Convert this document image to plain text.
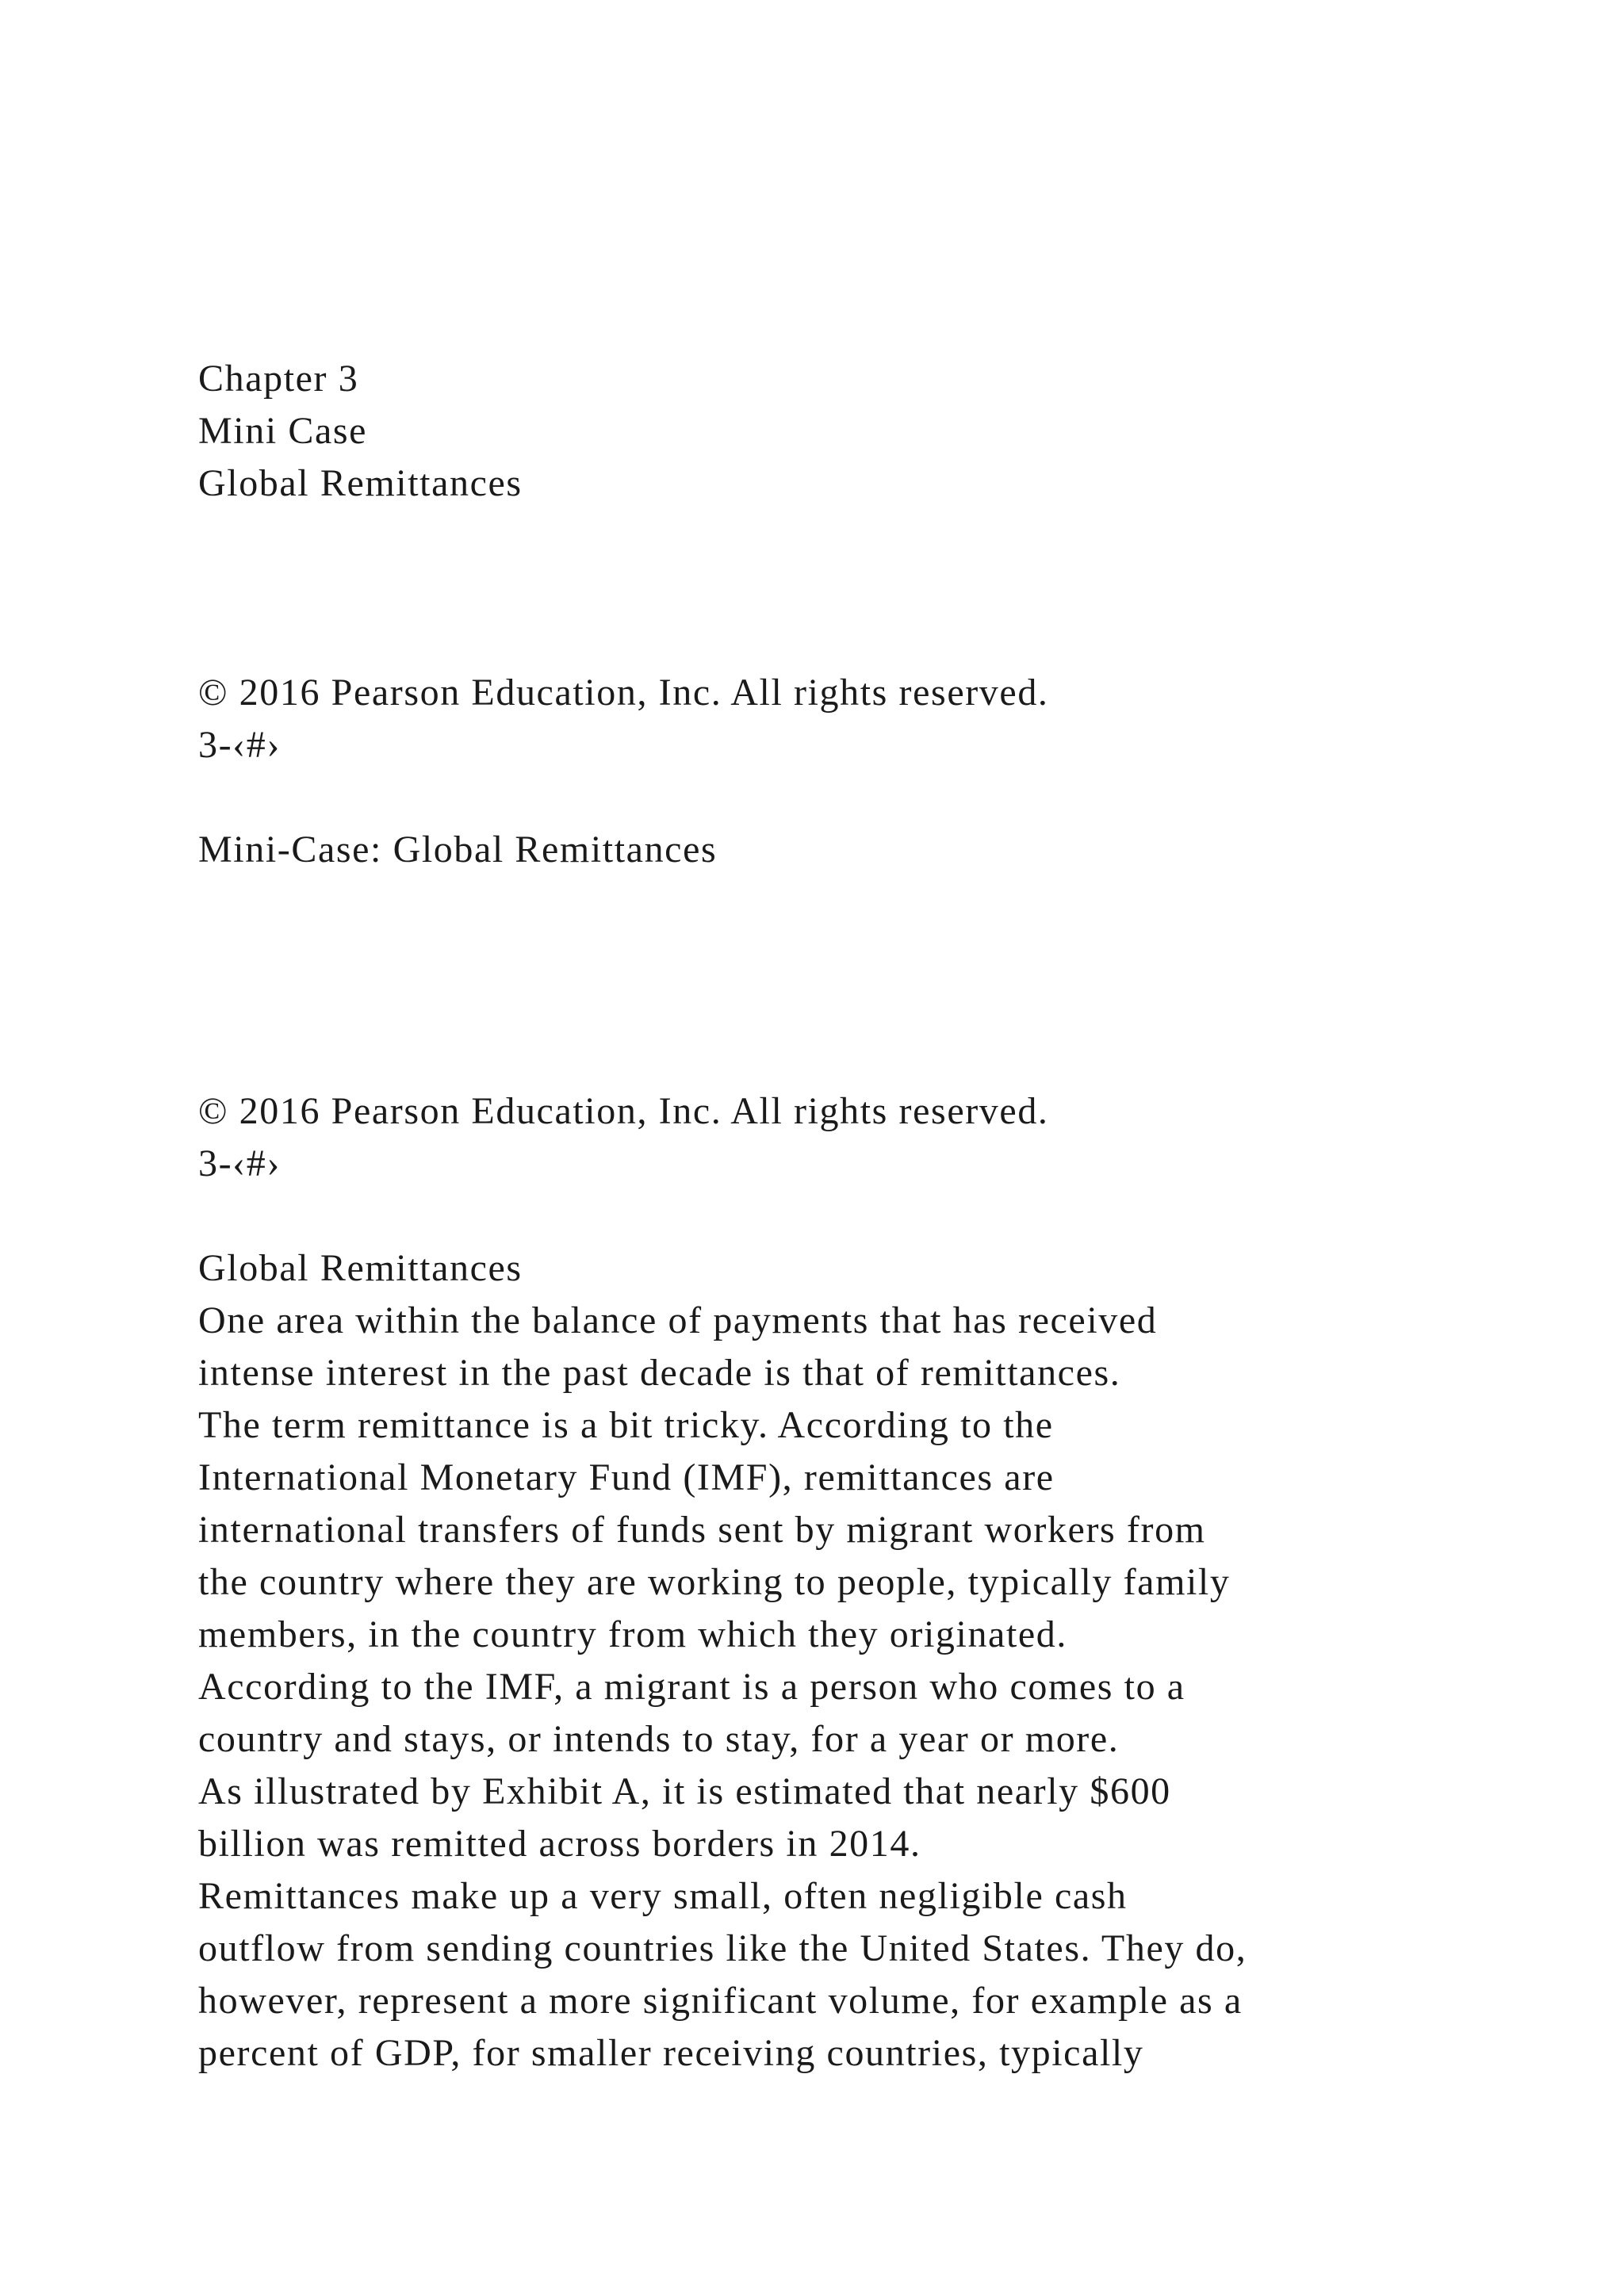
Chapter 3
Mini Case
Global Remittances
© 2016 Pearson Education, Inc. All rights reserved.
3-‹#›
Mini-Case: Global Remittances
© 2016 Pearson Education, Inc. All rights reserved.
3-‹#›
Global Remittances
One area within the balance of payments that has received
intense interest in the past decade is that of remittances.
The term remittance is a bit tricky. According to the
International Monetary Fund (IMF), remittances are
international transfers of funds sent by migrant workers from
the country where they are working to people, typically family
members, in the country from which they originated.
According to the IMF, a migrant is a person who comes to a
country and stays, or intends to stay, for a year or more.
As illustrated by Exhibit A, it is estimated that nearly $600
billion was remitted across borders in 2014.
Remittances make up a very small, often negligible cash
outflow from sending countries like the United States. They do,
however, represent a more significant volume, for example as a
percent of GDP, for smaller receiving countries, typically
